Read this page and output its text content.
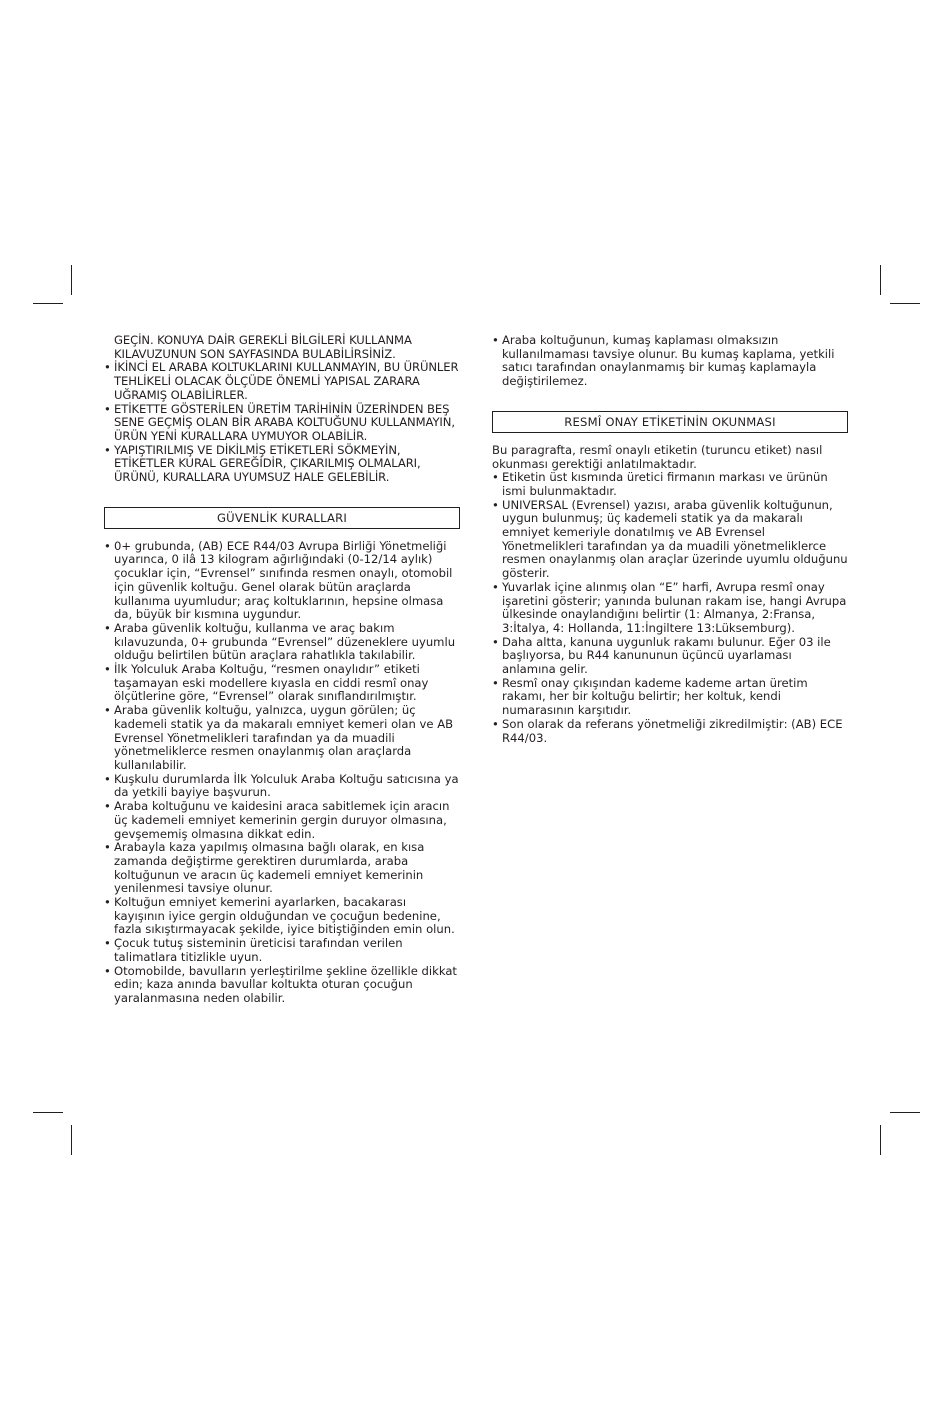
GEÇİN. KONUYA DAİR GEREKLİ BİLGİLERİ KULLANMA KILAVUZUNUN SON SAYFASINDA BULABİLİRSİNİZ.

• İKİNCİ EL ARABA KOLTUKLARINI KULLANMAYIN, BU ÜRÜNLER TEHLİKELİ OLACAK ÖLÇÜDE ÖNEMLİ YAPISAL ZARARA UĞRAMIŞ OLABİLİRLER.
• ETİKETTE GÖSTERİLEN ÜRETİM TARİHİNİN ÜZERİNDEN BEŞ SENE GEÇMİŞ OLAN BİR ARABA KOLTUĞUNU KULLANMAYIN, ÜRÜN YENİ KURALLARA UYMUYOR OLABİLİR.
• YAPIŞTIRILMIŞ VE DİKİLMİŞ ETİKETLERİ SÖKMEYİN, ETİKETLER KURAL GEREĞİDİR, ÇIKARILMIŞ OLMALARI, ÜRÜNÜ, KURALLARA UYUMSUZ HALE GELEBİLİR.
GÜVENLİK KURALLARI
• 0+ grubunda, (AB) ECE R44/03 Avrupa Birliği Yönetmeliği uyarınca, 0 ilâ 13 kilogram ağırlığındaki (0-12/14 aylık) çocuklar için, “Evrensel” sınıfında resmen onaylı, otomobil için güvenlik koltuğu. Genel olarak bütün araçlarda kullanıma uyumludur; araç koltuklarının, hepsine olmasa da, büyük bir kısmına uygundur.
• Araba güvenlik koltuğu, kullanma ve araç bakım kılavuzunda, 0+ grubunda “Evrensel” düzeneklere uyumlu olduğu belirtilen bütün araçlara rahatlıkla takılabilir.
• İlk Yolculuk Araba Koltuğu, “resmen onaylıdır” etiketi taşamayan eski modellere kıyasla en ciddi resmî onay ölçütlerine göre, “Evrensel” olarak sınıflandırılmıştır.
• Araba güvenlik koltuğu, yalnızca, uygun görülen; üç kademeli statik ya da makaralı emniyet kemeri olan ve AB Evrensel Yönetmelikleri tarafından ya da muadili yönetmeliklerce resmen onaylanmış olan araçlarda kullanılabilir.
• Kuşkulu durumlarda İlk Yolculuk Araba Koltuğu satıcısına ya da yetkili bayiye başvurun.
• Araba koltuğunu ve kaidesini araca sabitlemek için aracın üç kademeli emniyet kemerinin gergin duruyor olmasına, gevşememiş olmasına dikkat edin.
• Arabayla kaza yapılmış olmasına bağlı olarak, en kısa zamanda değiştirme gerektiren durumlarda, araba koltuğunun ve aracın üç kademeli emniyet kemerinin yenilenmesi tavsiye olunur.
• Koltuğun emniyet kemerini ayarlarken, bacakarası kayışının iyice gergin olduğundan ve çocuğun bedenine, fazla sıkıştırmayacak şekilde, iyice bitiştiğinden emin olun.
• Çocuk tutuş sisteminin üreticisi tarafından verilen talimatlara titizlikle uyun.
• Otomobilde, bavulların yerleştirilme şekline özellikle dikkat edin; kaza anında bavullar koltukta oturan çocuğun yaralanmasına neden olabilir.
• Araba koltuğunun, kumaş kaplaması olmaksızın kullanılmaması tavsiye olunur. Bu kumaş kaplama, yetkili satıcı tarafından onaylanmamış bir kumaş kaplamayla değiştirilemez.
RESMÎ ONAY ETİKETİNİN OKUNMASI

Bu paragrafta, resmî onaylı etiketin (turuncu etiket) nasıl okunması gerektiği anlatılmaktadır.

• Etiketin üst kısmında üretici firmanın markası ve ürünün ismi bulunmaktadır.
• UNIVERSAL (Evrensel) yazısı, araba güvenlik koltuğunun, uygun bulunmuş; üç kademeli statik ya da makaralı emniyet kemeriyle donatılmış ve AB Evrensel Yönetmelikleri tarafından ya da muadili yönetmeliklerce resmen onaylanmış olan araçlar üzerinde uyumlu olduğunu gösterir.
• Yuvarlak içine alınmış olan “E” harfi, Avrupa resmî onay işaretini gösterir; yanında bulunan rakam ise, hangi Avrupa ülkesinde onaylandığını belirtir (1: Almanya, 2:Fransa, 3:İtalya, 4: Hollanda, 11:İngiltere 13:Lüksemburg).
• Daha altta, kanuna uygunluk rakamı bulunur. Eğer 03 ile başlıyorsa, bu R44 kanununun üçüncü uyarlaması anlamına gelir.
• Resmî onay çıkışından kademe kademe artan üretim rakamı, her bir koltuğu belirtir; her koltuk, kendi numarasının karşıtıdır.
• Son olarak da referans yönetmeliği zikredilmiştir: (AB) ECE R44/03.
